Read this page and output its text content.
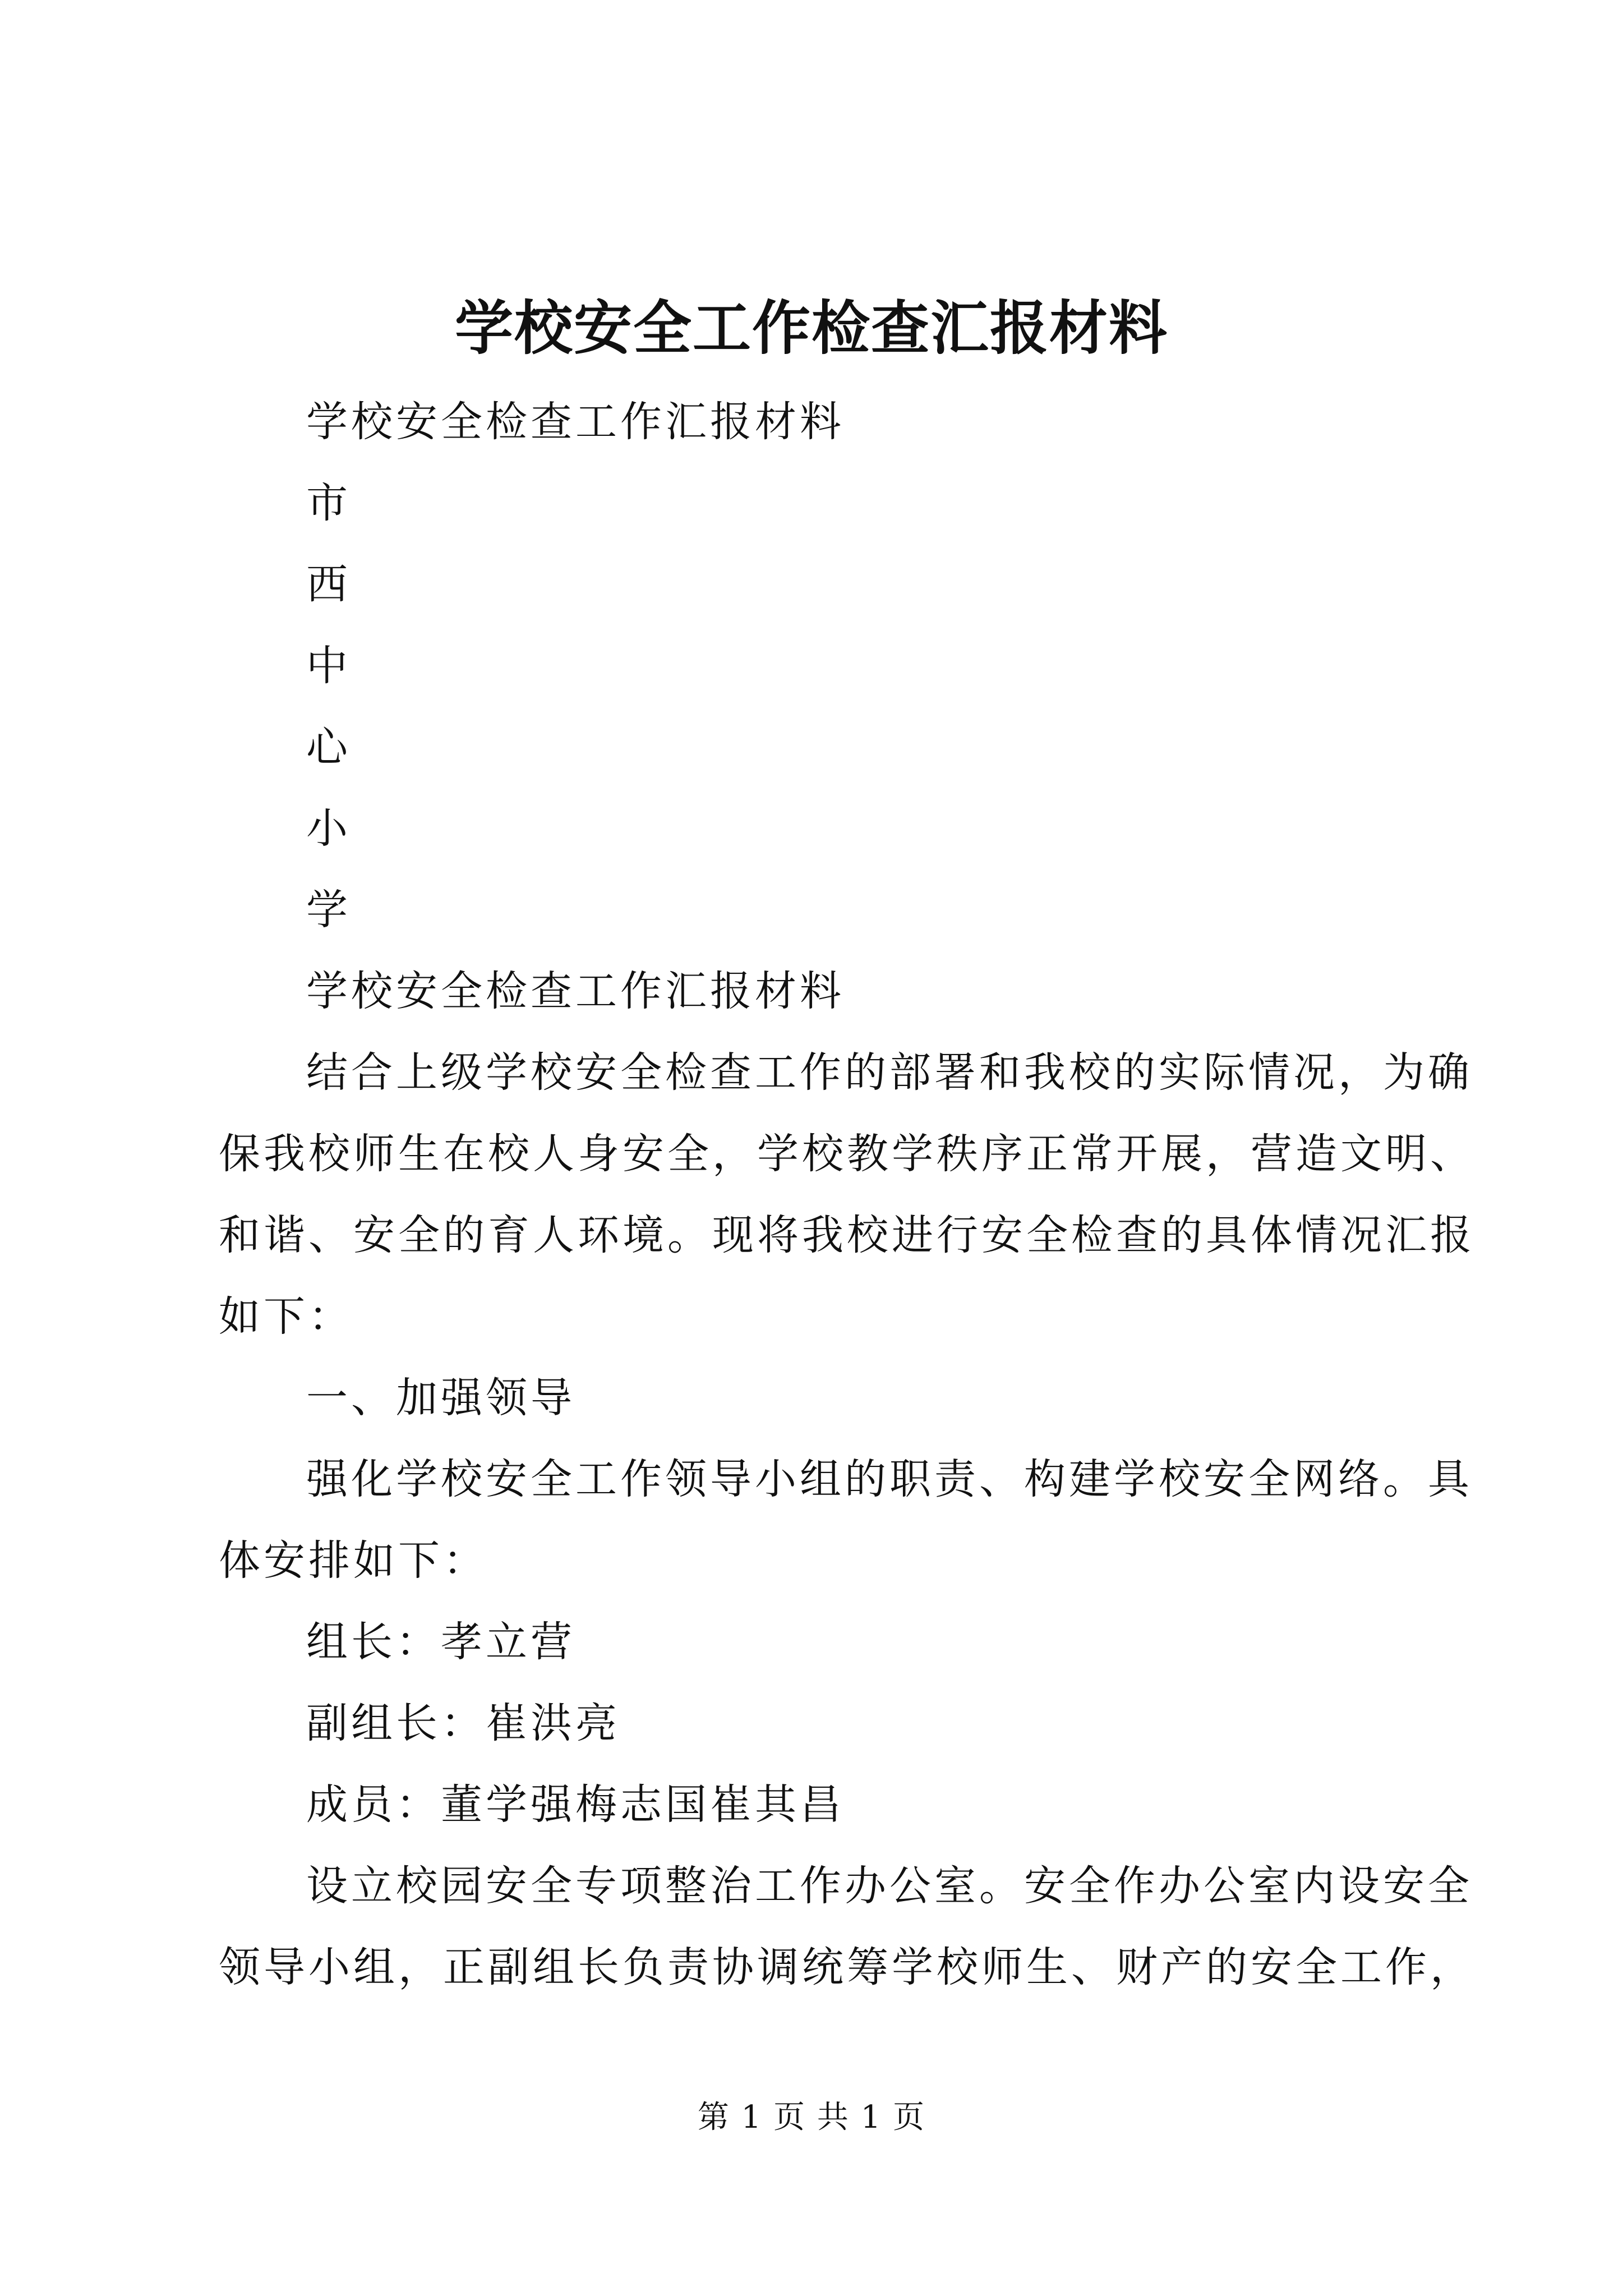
学校安全工作检查汇报材料

学校安全检查工作汇报材料

市

西

中

心

小

学

学校安全检查工作汇报材料

结合上级学校安全检查工作的部署和我校的实际情况，为确

保我校师生在校人身安全，学校教学秩序正常开展，营造文明、

和谐、安全的育人环境。现将我校进行安全检查的具体情况汇报

如下：

一、加强领导

强化学校安全工作领导小组的职责、构建学校安全网络。具

体安排如下：

组长：孝立营

副组长：崔洪亮

成员：董学强梅志国崔其昌

设立校园安全专项整治工作办公室。安全作办公室内设安全

领导小组，正副组长负责协调统筹学校师生、财产的安全工作，

第 1 页 共 1 页
